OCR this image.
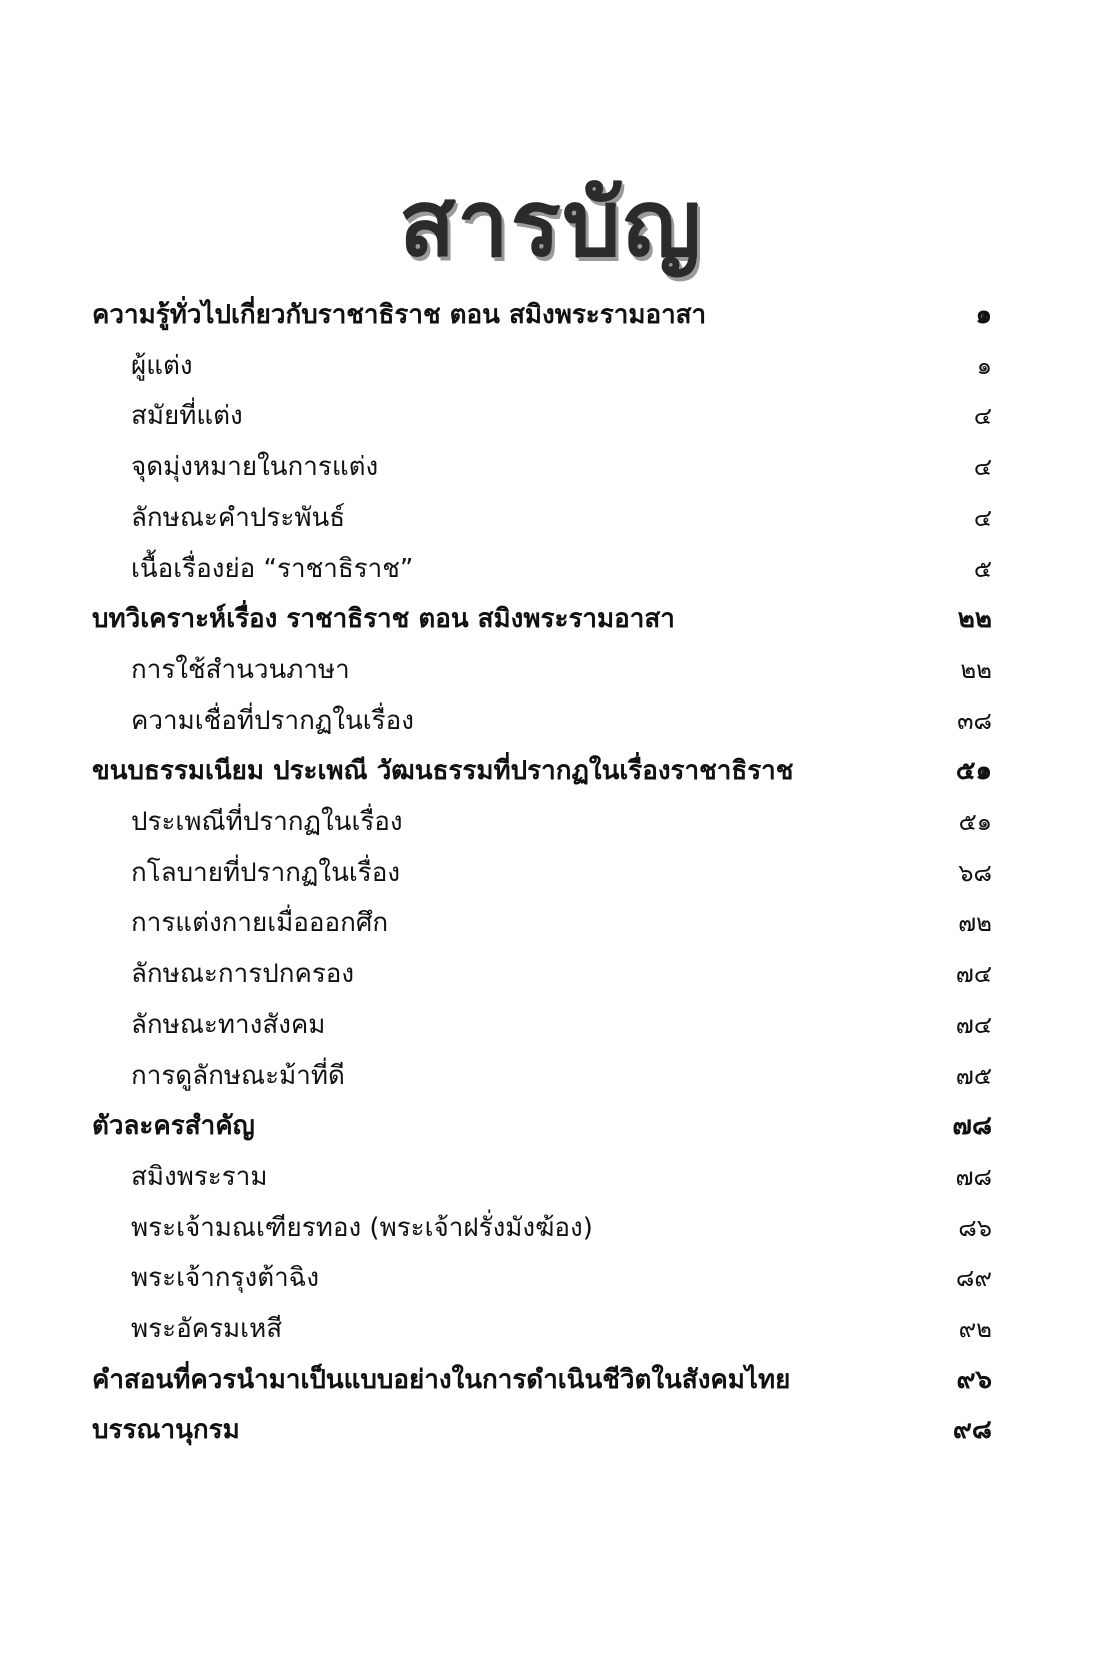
สารบัญ
ความรู้ทั่วไปเกี่ยวกับราชาธิราช ตอน สมิงพระรามอาสา	๑
ผู้แต่ง	๑
สมัยที่แต่ง	๔
จุดมุ่งหมายในการแต่ง	๔
ลักษณะคำประพันธ์	๔
เนื้อเรื่องย่อ “ราชาธิราช”	๕
บทวิเคราะห์เรื่อง ราชาธิราช ตอน สมิงพระรามอาสา	๒๒
การใช้สำนวนภาษา	๒๒
ความเชื่อที่ปรากฏในเรื่อง	๓๘
ขนบธรรมเนียม ประเพณี วัฒนธรรมที่ปรากฏในเรื่องราชาธิราช	๕๑
ประเพณีที่ปรากฏในเรื่อง	๕๑
กโลบายที่ปรากฏในเรื่อง	๖๘
การแต่งกายเมื่อออกศึก	๗๒
ลักษณะการปกครอง	๗๔
ลักษณะทางสังคม	๗๔
การดูลักษณะม้าที่ดี	๗๕
ตัวละครสำคัญ	๗๘
สมิงพระราม	๗๘
พระเจ้ามณเฑียรทอง (พระเจ้าฝรั่งมังฆ้อง)	๘๖
พระเจ้ากรุงต้าฉิง	๘๙
พระอัครมเหสี	๙๒
คำสอนที่ควรนำมาเป็นแบบอย่างในการดำเนินชีวิตในสังคมไทย	๙๖
บรรณานุกรม	๙๘
